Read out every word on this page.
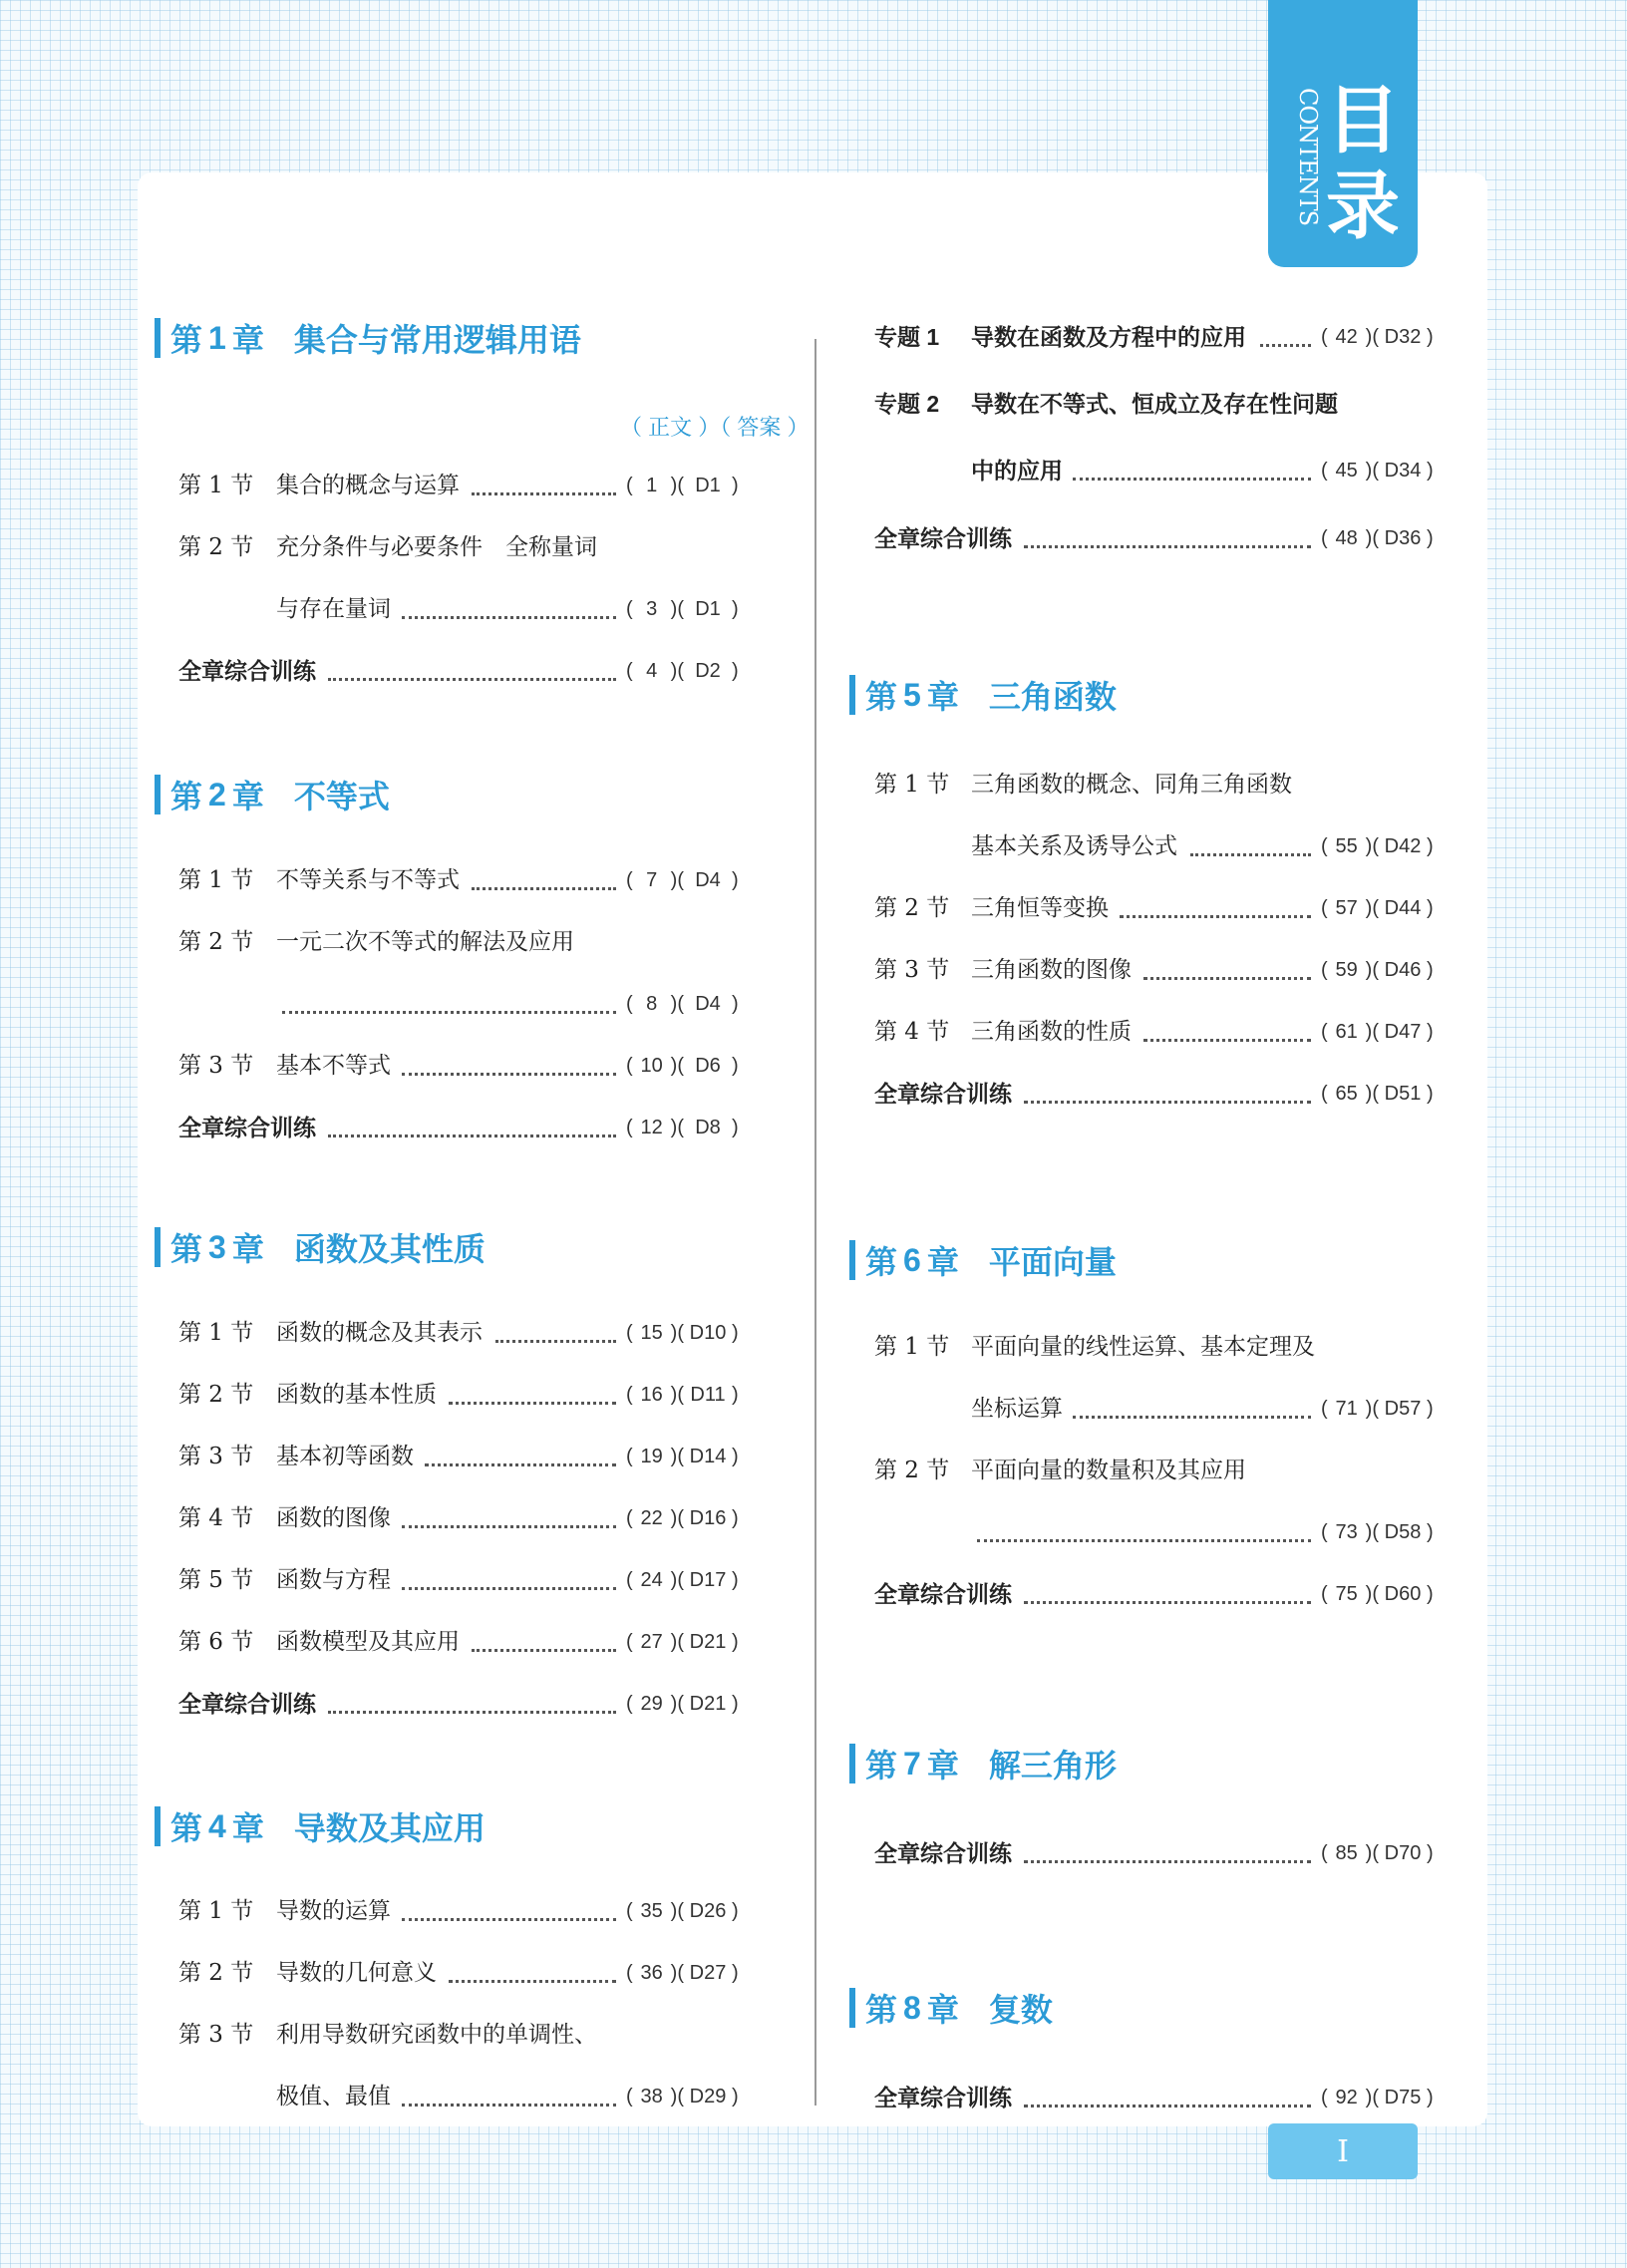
目
录
CONTENTS
（ 正文 ）（ 答案 ）
第 1 章 集合与常用逻辑用语
第 1 节 集合的概念与运算	( 1 )( D1 )
第 2 节 充分条件与必要条件　全称量词
与存在量词	( 3 )( D1 )
全章综合训练	( 4 )( D2 )
第 2 章 不等式
第 1 节 不等关系与不等式	( 7 )( D4 )
第 2 节 一元二次不等式的解法及应用
( 8 )( D4 )
第 3 节 基本不等式	( 10 )( D6 )
全章综合训练	( 12 )( D8 )
第 3 章 函数及其性质
第 1 节 函数的概念及其表示	( 15 )( D10 )
第 2 节 函数的基本性质	( 16 )( D11 )
第 3 节 基本初等函数	( 19 )( D14 )
第 4 节 函数的图像	( 22 )( D16 )
第 5 节 函数与方程	( 24 )( D17 )
第 6 节 函数模型及其应用	( 27 )( D21 )
全章综合训练	( 29 )( D21 )
第 4 章 导数及其应用
第 1 节 导数的运算	( 35 )( D26 )
第 2 节 导数的几何意义	( 36 )( D27 )
第 3 节 利用导数研究函数中的单调性、
极值、最值	( 38 )( D29 )
专题 1 导数在函数及方程中的应用	( 42 )( D32 )
专题 2 导数在不等式、恒成立及存在性问题
中的应用	( 45 )( D34 )
全章综合训练	( 48 )( D36 )
第 5 章 三角函数
第 1 节 三角函数的概念、同角三角函数
基本关系及诱导公式	( 55 )( D42 )
第 2 节 三角恒等变换	( 57 )( D44 )
第 3 节 三角函数的图像	( 59 )( D46 )
第 4 节 三角函数的性质	( 61 )( D47 )
全章综合训练	( 65 )( D51 )
第 6 章 平面向量
第 1 节 平面向量的线性运算、基本定理及
坐标运算	( 71 )( D57 )
第 2 节 平面向量的数量积及其应用
( 73 )( D58 )
全章综合训练	( 75 )( D60 )
第 7 章 解三角形
全章综合训练	( 85 )( D70 )
第 8 章 复数
全章综合训练	( 92 )( D75 )
I
